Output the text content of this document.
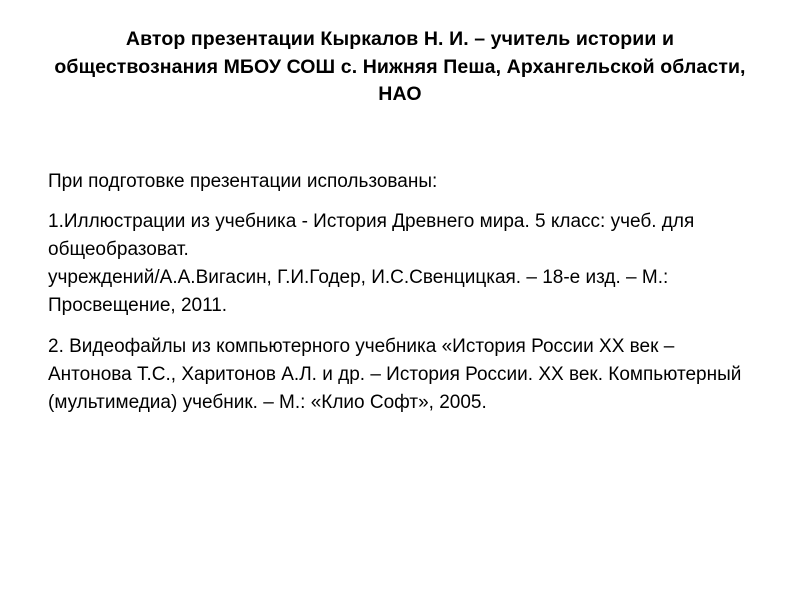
Автор презентации Кыркалов Н. И. – учитель истории и обществознания МБОУ СОШ с. Нижняя Пеша, Архангельской области, НАО

При подготовке презентации использованы:

1.Иллюстрации из учебника - История Древнего мира. 5 класс: учеб. для общеобразоват.

учреждений/А.А.Вигасин, Г.И.Годер, И.С.Свенцицкая. – 18-е изд. – М.: Просвещение, 2011.

2. Видеофайлы из компьютерного учебника «История России XX век – Антонова Т.С., Харитонов А.Л. и др. – История России. XX век. Компьютерный (мультимедиа) учебник. – М.: «Клио Софт», 2005.
